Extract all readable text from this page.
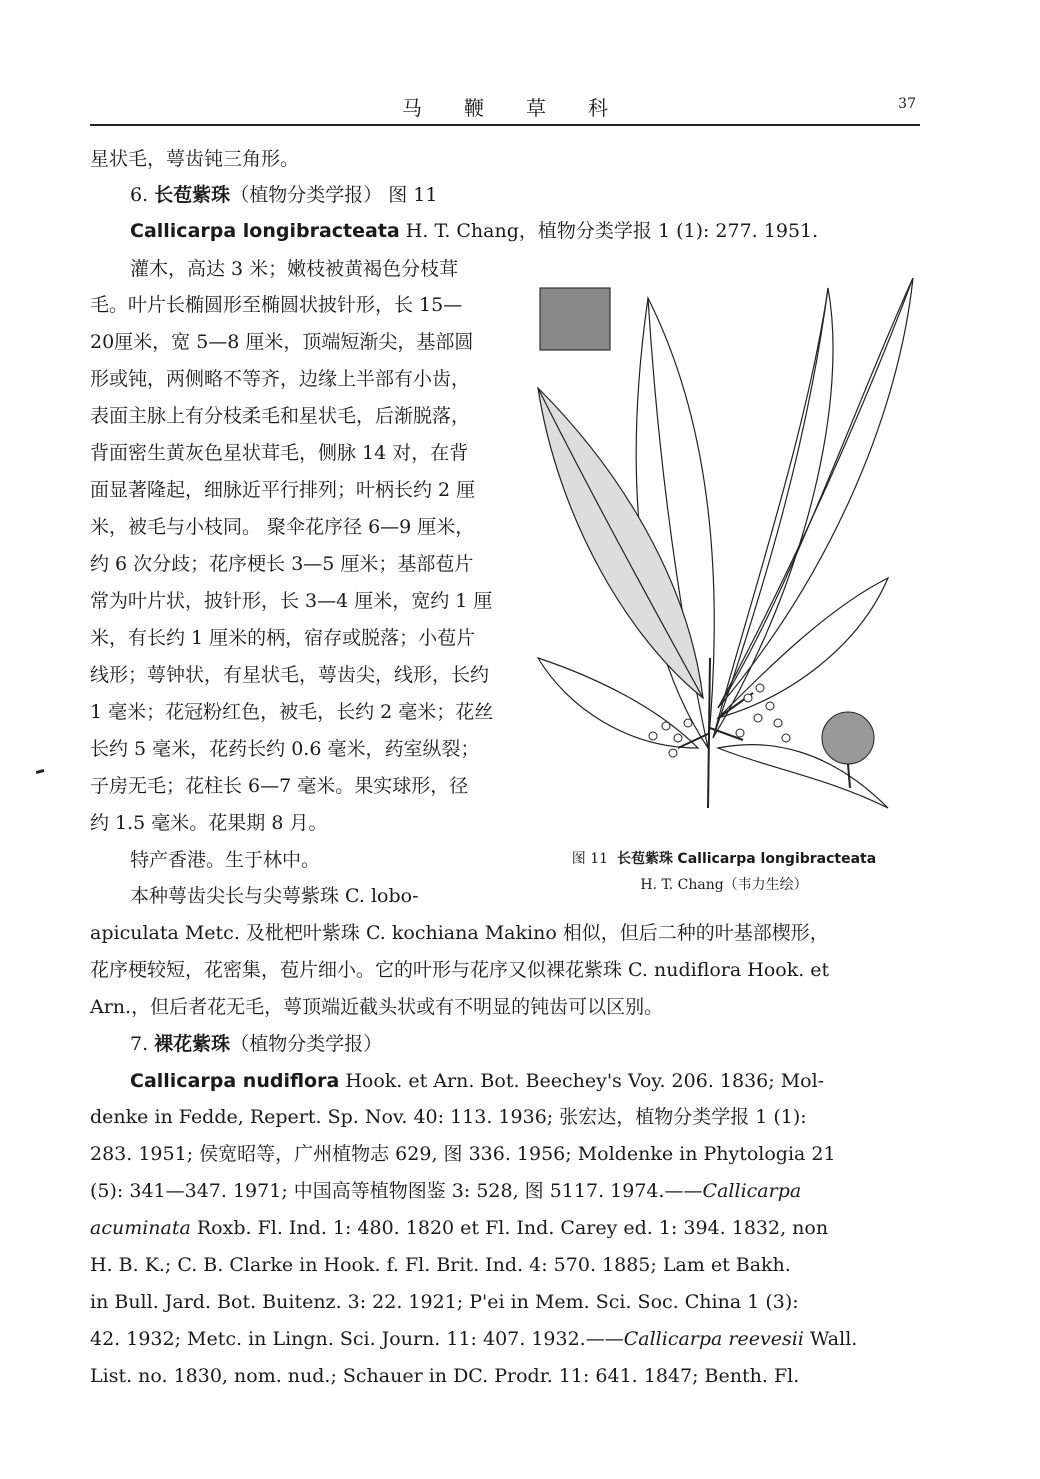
马鞭草科	37
星状毛，萼齿钝三角形。
6. 长苞紫珠（植物分类学报） 图 11
Callicarpa longibracteata H. T. Chang，植物分类学报 1 (1): 277. 1951.
灌木，高达 3 米；嫩枝被黄褐色分枝茸
毛。叶片长椭圆形至椭圆状披针形，长 15—
20厘米，宽 5—8 厘米，顶端短渐尖，基部圆
形或钝，两侧略不等齐，边缘上半部有小齿，
表面主脉上有分枝柔毛和星状毛，后渐脱落，
背面密生黄灰色星状茸毛，侧脉 14 对，在背
面显著隆起，细脉近平行排列；叶柄长约 2 厘
米，被毛与小枝同。 聚伞花序径 6—9 厘米，
约 6 次分歧；花序梗长 3—5 厘米；基部苞片
常为叶片状，披针形，长 3—4 厘米，宽约 1 厘
米，有长约 1 厘米的柄，宿存或脱落；小苞片
线形；萼钟状，有星状毛，萼齿尖，线形，长约
1 毫米；花冠粉红色，被毛，长约 2 毫米；花丝
长约 5 毫米，花药长约 0.6 毫米，药室纵裂；
子房无毛；花柱长 6—7 毫米。果实球形，径
约 1.5 毫米。花果期 8 月。
特产香港。生于林中。
本种萼齿尖长与尖萼紫珠 C. lobo-
apiculata Metc. 及枇杷叶紫珠 C. kochiana Makino 相似，但后二种的叶基部楔形，
花序梗较短，花密集，苞片细小。它的叶形与花序又似裸花紫珠 C. nudiflora Hook. et
Arn.，但后者花无毛，萼顶端近截头状或有不明显的钝齿可以区别。
7. 裸花紫珠（植物分类学报）
Callicarpa nudiflora Hook. et Arn. Bot. Beechey's Voy. 206. 1836; Mol-
denke in Fedde, Repert. Sp. Nov. 40: 113. 1936; 张宏达，植物分类学报 1 (1):
283. 1951; 侯宽昭等，广州植物志 629, 图 336. 1956; Moldenke in Phytologia 21
(5): 341—347. 1971; 中国高等植物图鉴 3: 528, 图 5117. 1974.——Callicarpa
acuminata Roxb. Fl. Ind. 1: 480. 1820 et Fl. Ind. Carey ed. 1: 394. 1832, non
H. B. K.; C. B. Clarke in Hook. f. Fl. Brit. Ind. 4: 570. 1885; Lam et Bakh.
in Bull. Jard. Bot. Buitenz. 3: 22. 1921; P'ei in Mem. Sci. Soc. China 1 (3):
42. 1932; Metc. in Lingn. Sci. Journ. 11: 407. 1932.——Callicarpa reevesii Wall.
List. no. 1830, nom. nud.; Schauer in DC. Prodr. 11: 641. 1847; Benth. Fl.
图 11 长苞紫珠 Callicarpa longibracteata
H. T. Chang（韦力生绘）
